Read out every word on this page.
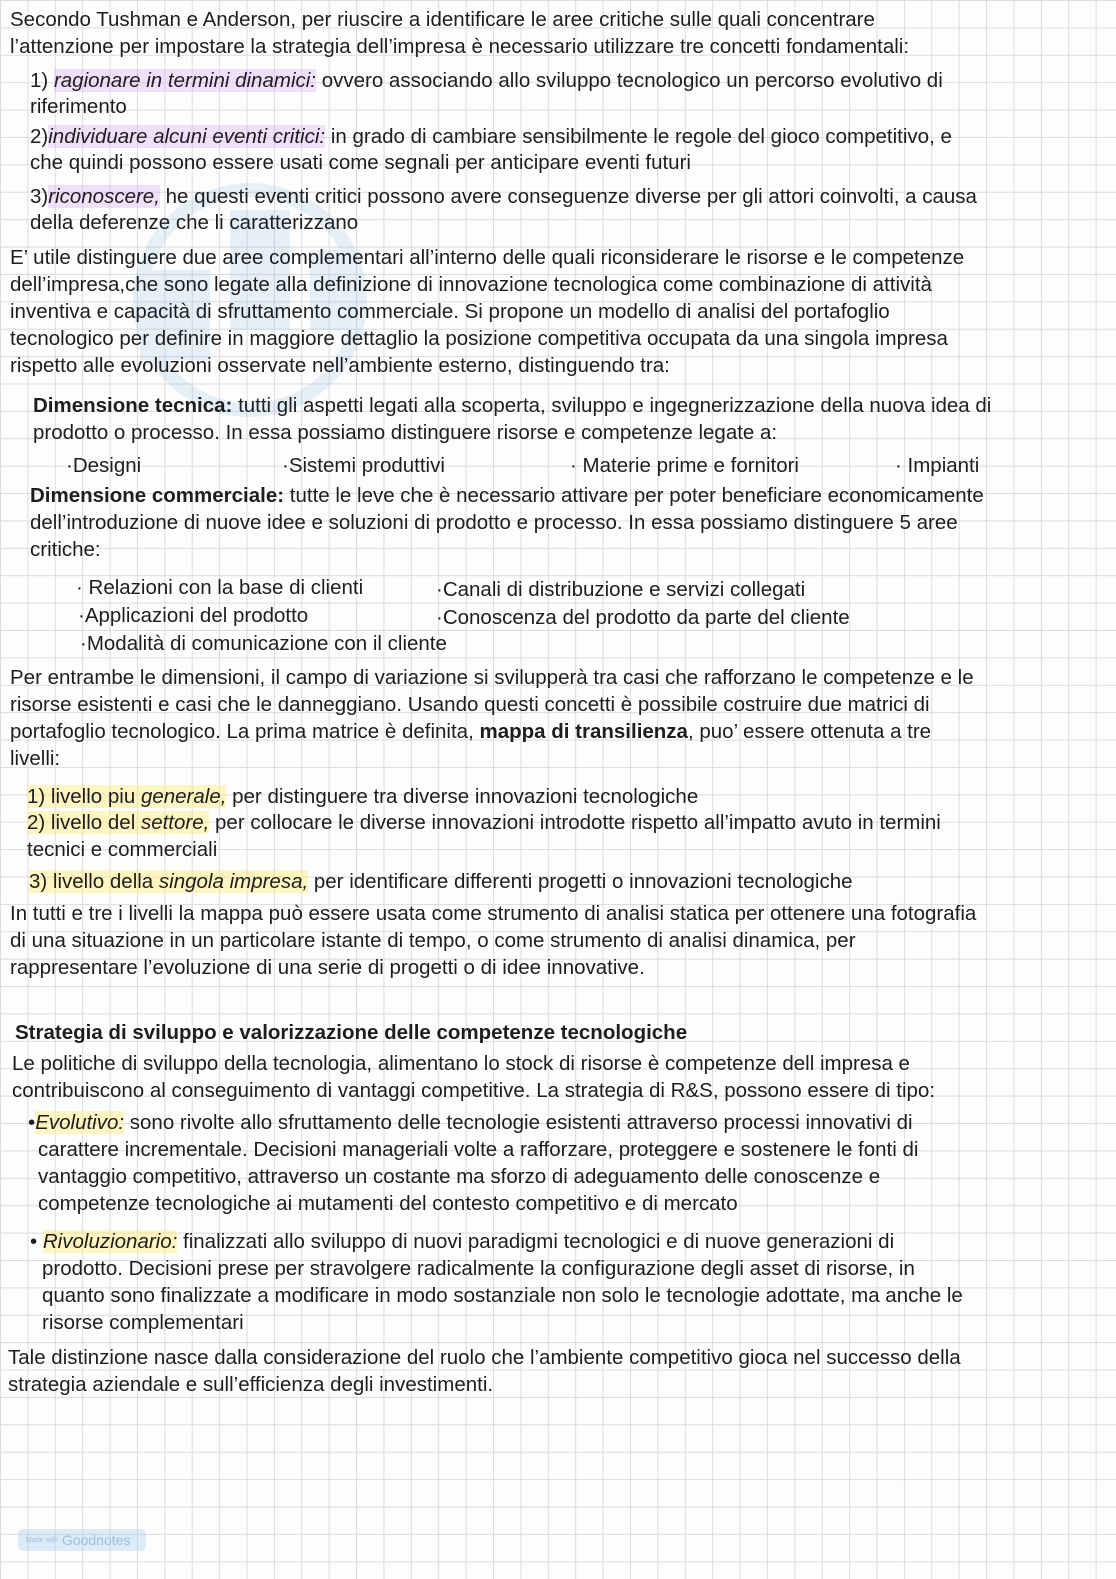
Secondo Tushman e Anderson, per riuscire a identificare le aree critiche sulle quali concentrare
l’attenzione per impostare la strategia dell’impresa è necessario utilizzare tre concetti fondamentali:
1) ragionare in termini dinamici: ovvero associando allo sviluppo tecnologico un percorso evolutivo di
riferimento
2)individuare alcuni eventi critici: in grado di cambiare sensibilmente le regole del gioco competitivo, e
che quindi possono essere usati come segnali per anticipare eventi futuri
3)riconoscere, he questi eventi critici possono avere conseguenze diverse per gli attori coinvolti, a causa
della deferenze che li caratterizzano
E’ utile distinguere due aree complementari all’interno delle quali riconsiderare le risorse e le competenze
dell’impresa,che sono legate alla definizione di innovazione tecnologica come combinazione di attività
inventiva e capacità di sfruttamento commerciale. Si propone un modello di analisi del portafoglio
tecnologico per definire in maggiore dettaglio la posizione competitiva occupata da una singola impresa
rispetto alle evoluzioni osservate nell’ambiente esterno, distinguendo tra:
Dimensione tecnica: tutti gli aspetti legati alla scoperta, sviluppo e ingegnerizzazione della nuova idea di
prodotto o processo. In essa possiamo distinguere risorse e competenze legate a:
·Designi	·Sistemi produttivi	· Materie prime e fornitori	· Impianti
Dimensione commerciale: tutte le leve che è necessario attivare per poter beneficiare economicamente
dell’introduzione di nuove idee e soluzioni di prodotto e processo. In essa possiamo distinguere 5 aree
critiche:
· Relazioni con la base di clienti	·Canali di distribuzione e servizi collegati
·Applicazioni del prodotto	·Conoscenza del prodotto da parte del cliente
·Modalità di comunicazione con il cliente
Per entrambe le dimensioni, il campo di variazione si svilupperà tra casi che rafforzano le competenze e le
risorse esistenti e casi che le danneggiano. Usando questi concetti è possibile costruire due matrici di
portafoglio tecnologico. La prima matrice è definita, mappa di transilienza, puo’ essere ottenuta a tre
livelli:
1) livello piu generale, per distinguere tra diverse innovazioni tecnologiche
2) livello del settore, per collocare le diverse innovazioni introdotte rispetto all’impatto avuto in termini
tecnici e commerciali
3) livello della singola impresa, per identificare differenti progetti o innovazioni tecnologiche
In tutti e tre i livelli la mappa può essere usata come strumento di analisi statica per ottenere una fotografia
di una situazione in un particolare istante di tempo, o come strumento di analisi dinamica, per
rappresentare l’evoluzione di una serie di progetti o di idee innovative.
Strategia di sviluppo e valorizzazione delle competenze tecnologiche
Le politiche di sviluppo della tecnologia, alimentano lo stock di risorse è competenze dell impresa e
contribuiscono al conseguimento di vantaggi competitive. La strategia di R&S, possono essere di tipo:
•Evolutivo: sono rivolte allo sfruttamento delle tecnologie esistenti attraverso processi innovativi di
carattere incrementale. Decisioni manageriali volte a rafforzare, proteggere e sostenere le fonti di
vantaggio competitivo, attraverso un costante ma sforzo di adeguamento delle conoscenze e
competenze tecnologiche ai mutamenti del contesto competitivo e di mercato
• Rivoluzionario: finalizzati allo sviluppo di nuovi paradigmi tecnologici e di nuove generazioni di
prodotto. Decisioni prese per stravolgere radicalmente la configurazione degli asset di risorse, in
quanto sono finalizzate a modificare in modo sostanziale non solo le tecnologie adottate, ma anche le
risorse complementari
Tale distinzione nasce dalla considerazione del ruolo che l’ambiente competitivo gioca nel successo della
strategia aziendale e sull’efficienza degli investimenti.
Made with Goodnotes
